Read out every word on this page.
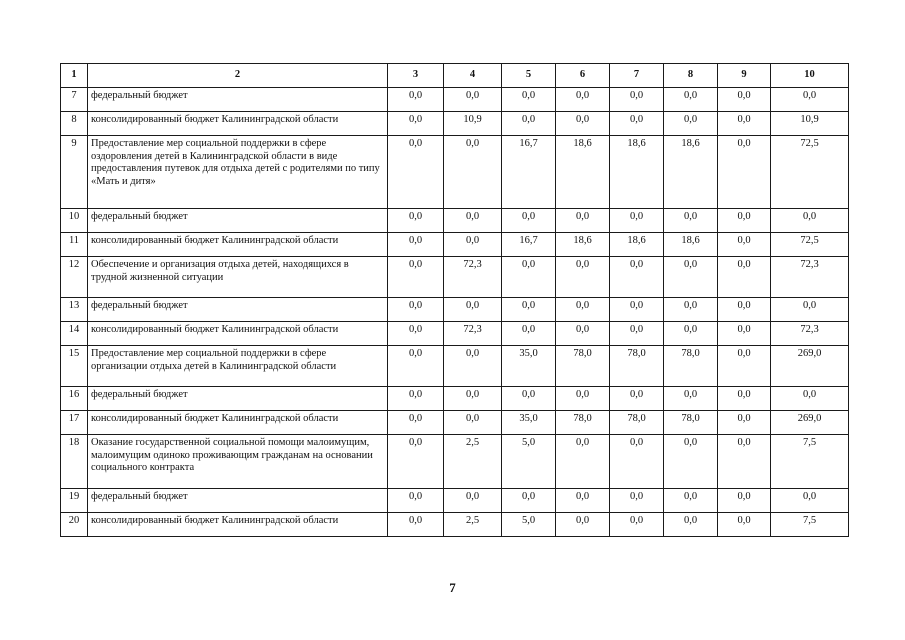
1	2	3	4	5	6	7	8	9	10
7	федеральный бюджет	0,0	0,0	0,0	0,0	0,0	0,0	0,0	0,0
8	консолидированный бюджет Калининградской области	0,0	10,9	0,0	0,0	0,0	0,0	0,0	10,9
9	Предоставление мер социальной поддержки в сфере оздоровления детей в Калининградской области в виде предоставления путевок для отдыха детей с родителями по типу «Мать и дитя»	0,0	0,0	16,7	18,6	18,6	18,6	0,0	72,5
10	федеральный бюджет	0,0	0,0	0,0	0,0	0,0	0,0	0,0	0,0
11	консолидированный бюджет Калининградской области	0,0	0,0	16,7	18,6	18,6	18,6	0,0	72,5
12	Обеспечение и организация отдыха детей, находящихся в трудной жизненной ситуации	0,0	72,3	0,0	0,0	0,0	0,0	0,0	72,3
13	федеральный бюджет	0,0	0,0	0,0	0,0	0,0	0,0	0,0	0,0
14	консолидированный бюджет Калининградской области	0,0	72,3	0,0	0,0	0,0	0,0	0,0	72,3
15	Предоставление мер социальной поддержки в сфере организации отдыха детей в Калининградской области	0,0	0,0	35,0	78,0	78,0	78,0	0,0	269,0
16	федеральный бюджет	0,0	0,0	0,0	0,0	0,0	0,0	0,0	0,0
17	консолидированный бюджет Калининградской области	0,0	0,0	35,0	78,0	78,0	78,0	0,0	269,0
18	Оказание государственной социальной помощи малоимущим, малоимущим одиноко проживающим гражданам на основании социального контракта	0,0	2,5	5,0	0,0	0,0	0,0	0,0	7,5
19	федеральный бюджет	0,0	0,0	0,0	0,0	0,0	0,0	0,0	0,0
20	консолидированный бюджет Калининградской области	0,0	2,5	5,0	0,0	0,0	0,0	0,0	7,5
7
